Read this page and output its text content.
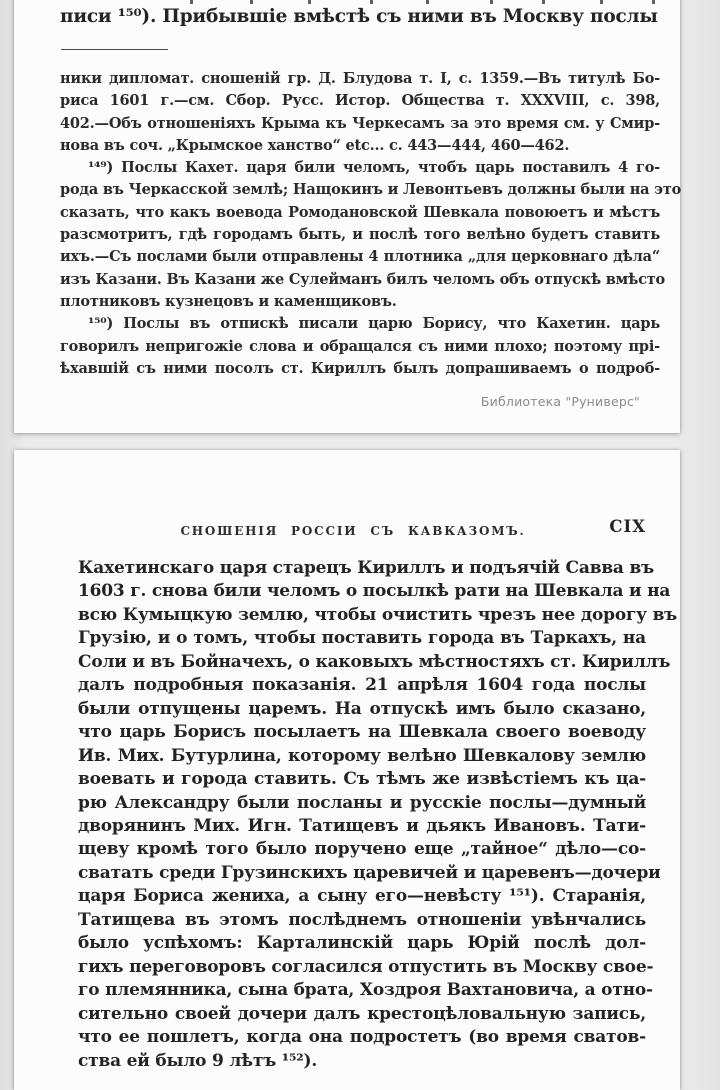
писи ¹⁵⁰). Прибывшіе вмѣстѣ съ ними въ Москву послы
ники дипломат. сношеній гр. Д. Блудова т. I, с. 1359.—Въ титулѣ Бо-
риса 1601 г.—см. Сбор. Русс. Истор. Общества т. XXXVIII, с. 398,
402.—Объ отношеніяхъ Крыма къ Черкесамъ за это время см. у Смир-
нова въ соч. „Крымское ханство“ etc... с. 443—444, 460—462.
¹⁴⁹) Послы Кахет. царя били челомъ, чтобъ царь поставилъ 4 го-
рода въ Черкасской землѣ; Нащокинъ и Левонтьевъ должны были на это
сказать, что какъ воевода Ромодановской Шевкала повоюетъ и мѣстъ
разсмотритъ, гдѣ городамъ быть, и послѣ того велѣно будетъ ставить
ихъ.—Съ послами были отправлены 4 плотника „для церковнаго дѣла“
изъ Казани. Въ Казани же Сулейманъ билъ челомъ объ отпускѣ вмѣсто
плотниковъ кузнецовъ и каменщиковъ.
¹⁵⁰) Послы въ отпискѣ писали царю Борису, что Кахетин. царь
говорилъ непригожіе слова и обращался съ ними плохо; поэтому прі-
ѣхавшій съ ними посолъ ст. Кириллъ былъ допрашиваемъ о подроб-
Библиотека "Руниверс"
СНОШЕНІЯ РОССІИ СЪ КАВКАЗОМЪ.	CIX
Кахетинскаго царя старецъ Кириллъ и подъячій Савва въ
1603 г. снова били челомъ о посылкѣ рати на Шевкала и на
всю Кумыцкую землю, чтобы очистить чрезъ нее дорогу въ
Грузію, и о томъ, чтобы поставить города въ Таркахъ, на
Соли и въ Бойначехъ, о каковыхъ мѣстностяхъ ст. Кириллъ
далъ подробныя показанія. 21 апрѣля 1604 года послы
были отпущены царемъ. На отпускѣ имъ было сказано,
что царь Борисъ посылаетъ на Шевкала своего воеводу
Ив. Мих. Бутурлина, которому велѣно Шевкалову землю
воевать и города ставить. Съ тѣмъ же извѣстіемъ къ ца-
рю Александру были посланы и русскіе послы—думный
дворянинъ Мих. Игн. Татищевъ и дьякъ Ивановъ. Тати-
щеву кромѣ того было поручено еще „тайное“ дѣло—со-
сватать среди Грузинскихъ царевичей и царевенъ—дочери
царя Бориса жениха, а сыну его—невѣсту ¹⁵¹). Старанія,
Татищева въ этомъ послѣднемъ отношеніи увѣнчались
было успѣхомъ: Карталинскій царь Юрій послѣ дол-
гихъ переговоровъ согласился отпустить въ Москву свое-
го племянника, сына брата, Хоздроя Вахтановича, а отно-
сительно своей дочери далъ крестоцѣловальную запись,
что ее пошлетъ, когда она подростетъ (во время сватов-
ства ей было 9 лѣтъ ¹⁵²).
